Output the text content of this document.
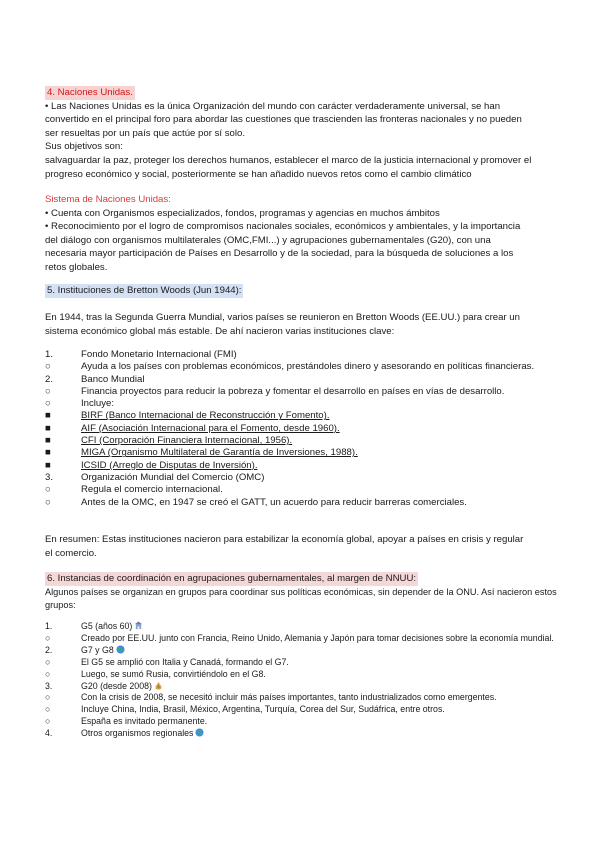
4. Naciones Unidas.
• Las Naciones Unidas es la única Organización del mundo con carácter verdaderamente universal, se han
convertido en el principal foro para abordar las cuestiones que trascienden las fronteras nacionales y no pueden
ser resueltas por un país que actúe por sí solo.
Sus objetivos son:
salvaguardar la paz, proteger los derechos humanos, establecer el marco de la justicia internacional y promover el
progreso económico y social, posteriormente se han añadido nuevos retos como el cambio climático
Sistema de Naciones Unidas:
• Cuenta con Organismos especializados, fondos, programas y agencias en muchos ámbitos
• Reconocimiento por el logro de compromisos nacionales sociales, económicos y ambientales, y la importancia
del diálogo con organismos multilaterales (OMC,FMI...) y agrupaciones gubernamentales (G20), con una
necesaria mayor participación de Países en Desarrollo y de la sociedad, para la búsqueda de soluciones a los
retos globales.
5. Instituciones de Bretton Woods (Jun 1944):
En 1944, tras la Segunda Guerra Mundial, varios países se reunieron en Bretton Woods (EE.UU.) para crear un
sistema económico global más estable. De ahí nacieron varias instituciones clave:
1.	Fondo Monetario Internacional (FMI)
○	Ayuda a los países con problemas económicos, prestándoles dinero y asesorando en políticas financieras.
2.	Banco Mundial
○	Financia proyectos para reducir la pobreza y fomentar el desarrollo en países en vías de desarrollo.
○	Incluye:
■	BIRF (Banco Internacional de Reconstrucción y Fomento).
■	AIF (Asociación Internacional para el Fomento, desde 1960).
■	CFI (Corporación Financiera Internacional, 1956).
■	MIGA (Organismo Multilateral de Garantía de Inversiones, 1988).
■	ICSID (Arreglo de Disputas de Inversión).
3.	Organización Mundial del Comercio (OMC)
○	Regula el comercio internacional.
○	Antes de la OMC, en 1947 se creó el GATT, un acuerdo para reducir barreras comerciales.
En resumen: Estas instituciones nacieron para estabilizar la economía global, apoyar a países en crisis y regular
el comercio.
6. Instancias de coordinación en agrupaciones gubernamentales, al margen de NNUU:
Algunos países se organizan en grupos para coordinar sus políticas económicas, sin depender de la ONU. Así nacieron estos
grupos:
1.	G5 (años 60)
○	Creado por EE.UU. junto con Francia, Reino Unido, Alemania y Japón para tomar decisiones sobre la economía mundial.
2.	G7 y G8
○	El G5 se amplió con Italia y Canadá, formando el G7.
○	Luego, se sumó Rusia, convirtiéndolo en el G8.
3.	G20 (desde 2008) $
○	Con la crisis de 2008, se necesitó incluir más países importantes, tanto industrializados como emergentes.
○	Incluye China, India, Brasil, México, Argentina, Turquía, Corea del Sur, Sudáfrica, entre otros.
○	España es invitado permanente.
4.	Otros organismos regionales
